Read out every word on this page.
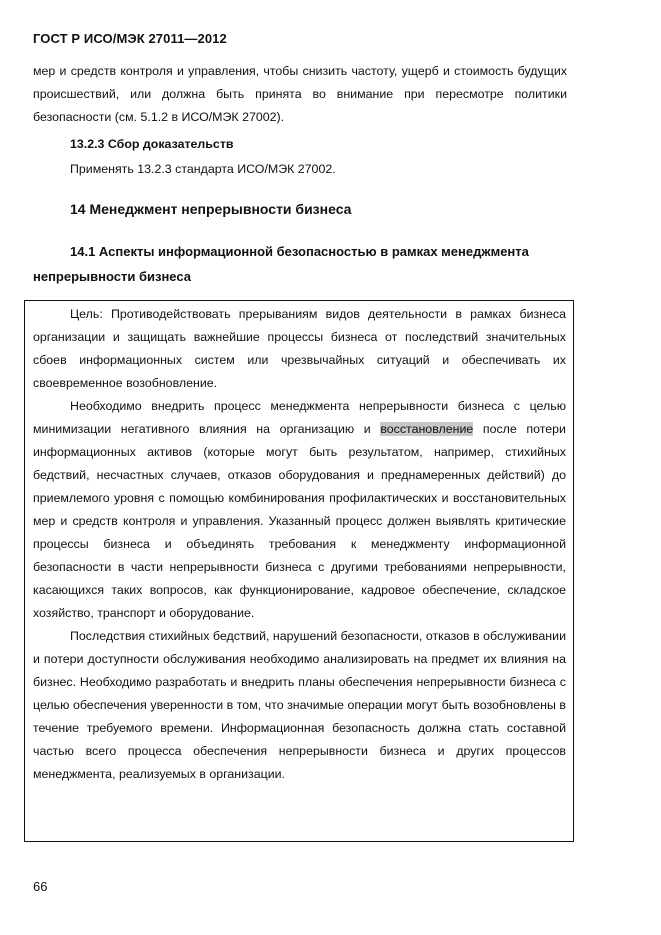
ГОСТ Р ИСО/МЭК 27011—2012
мер и средств контроля и управления, чтобы снизить частоту, ущерб и стоимость будущих происшествий, или должна быть принята во внимание при пересмотре политики безопасности (см. 5.1.2 в ИСО/МЭК 27002).
13.2.3 Сбор доказательств
Применять 13.2.3 стандарта ИСО/МЭК 27002.
14 Менеджмент непрерывности бизнеса
14.1 Аспекты информационной безопасностью в рамках менеджмента непрерывности бизнеса

Цель: Противодействовать прерываниям видов деятельности в рамках бизнеса организации и защищать важнейшие процессы бизнеса от последствий значительных сбоев информационных систем или чрезвычайных ситуаций и обеспечивать их своевременное возобновление.

Необходимо внедрить процесс менеджмента непрерывности бизнеса с целью минимизации негативного влияния на организацию и восстановление после потери информационных активов (которые могут быть результатом, например, стихийных бедствий, несчастных случаев, отказов оборудования и преднамеренных действий) до приемлемого уровня с помощью комбинирования профилактических и восстановительных мер и средств контроля и управления. Указанный процесс должен выявлять критические процессы бизнеса и объединять требования к менеджменту информационной безопасности в части непрерывности бизнеса с другими требованиями непрерывности, касающихся таких вопросов, как функционирование, кадровое обеспечение, складское хозяйство, транспорт и оборудование.

Последствия стихийных бедствий, нарушений безопасности, отказов в обслуживании и потери доступности обслуживания необходимо анализировать на предмет их влияния на бизнес. Необходимо разработать и внедрить планы обеспечения непрерывности бизнеса с целью обеспечения уверенности в том, что значимые операции могут быть возобновлены в течение требуемого времени. Информационная безопасность должна стать составной частью всего процесса обеспечения непрерывности бизнеса и других процессов менеджмента, реализуемых в организации.

66
